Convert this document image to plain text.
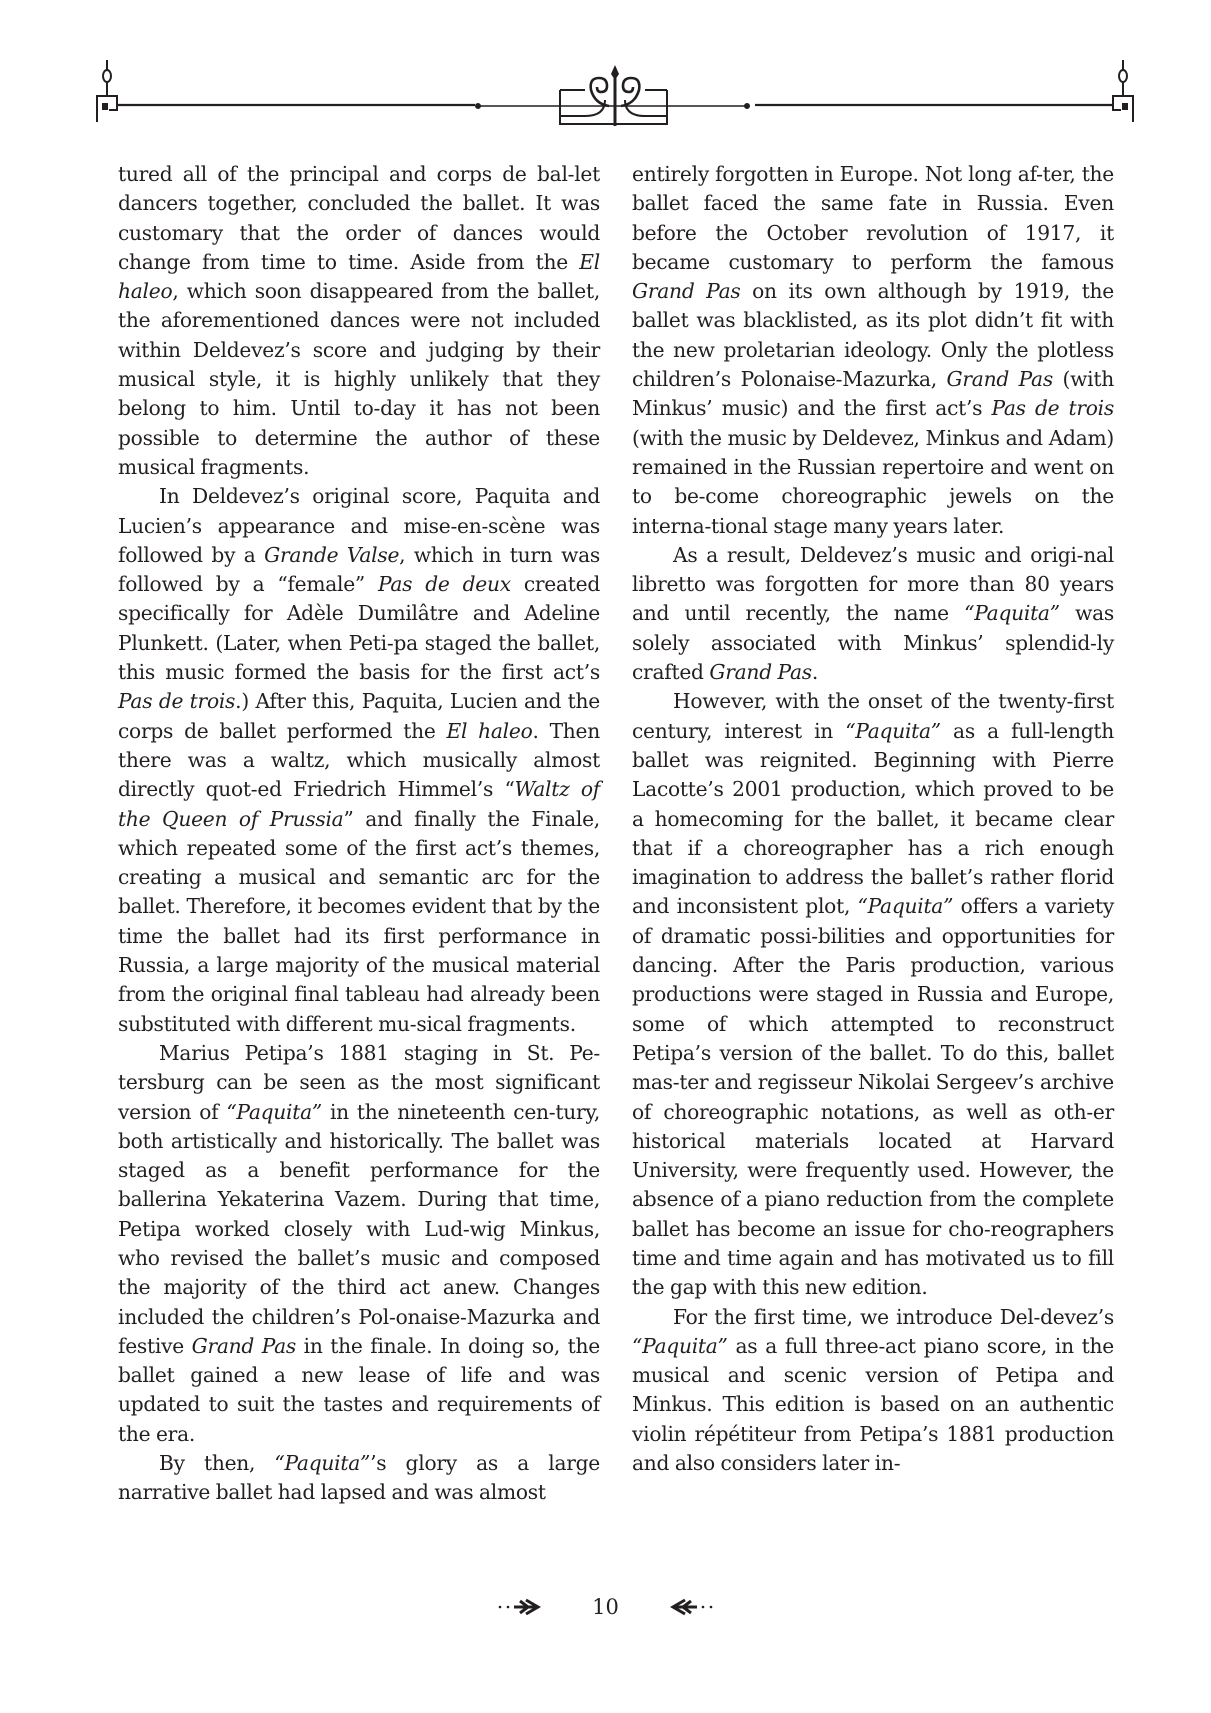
tured all of the principal and corps de bal-let dancers together, concluded the ballet. It was customary that the order of dances would change from time to time. Aside from the El haleo, which soon disappeared from the ballet, the aforementioned dances were not included within Deldevez’s score and judging by their musical style, it is highly unlikely that they belong to him. Until to-day it has not been possible to determine the author of these musical fragments.

In Deldevez’s original score, Paquita and Lucien’s appearance and mise-en-scène was followed by a Grande Valse, which in turn was followed by a “female” Pas de deux created specifically for Adèle Dumilâtre and Adeline Plunkett. (Later, when Peti-pa staged the ballet, this music formed the basis for the first act’s Pas de trois.) After this, Paquita, Lucien and the corps de ballet performed the El haleo. Then there was a waltz, which musically almost directly quot-ed Friedrich Himmel’s “Waltz of the Queen of Prussia” and finally the Finale, which repeated some of the first act’s themes, creating a musical and semantic arc for the ballet. Therefore, it becomes evident that by the time the ballet had its first performance in Russia, a large majority of the musical material from the original final tableau had already been substituted with different mu-sical fragments.

Marius Petipa’s 1881 staging in St. Pe-tersburg can be seen as the most significant version of “Paquita” in the nineteenth cen-tury, both artistically and historically. The ballet was staged as a benefit performance for the ballerina Yekaterina Vazem. During that time, Petipa worked closely with Lud-wig Minkus, who revised the ballet’s music and composed the majority of the third act anew. Changes included the children’s Pol-onaise-Mazurka and festive Grand Pas in the finale. In doing so, the ballet gained a new lease of life and was updated to suit the tastes and requirements of the era.

By then, “Paquita”’s glory as a large narrative ballet had lapsed and was almost

entirely forgotten in Europe. Not long af-ter, the ballet faced the same fate in Russia. Even before the October revolution of 1917, it became customary to perform the famous Grand Pas on its own although by 1919, the ballet was blacklisted, as its plot didn’t fit with the new proletarian ideology. Only the plotless children’s Polonaise-Mazurka, Grand Pas (with Minkus’ music) and the first act’s Pas de trois (with the music by Deldevez, Minkus and Adam) remained in the Russian repertoire and went on to be-come choreographic jewels on the interna-tional stage many years later.

As a result, Deldevez’s music and origi-nal libretto was forgotten for more than 80 years and until recently, the name “Paquita” was solely associated with Minkus’ splendid-ly crafted Grand Pas.

However, with the onset of the twenty-first century, interest in “Paquita” as a full-length ballet was reignited. Beginning with Pierre Lacotte’s 2001 production, which proved to be a homecoming for the ballet, it became clear that if a choreographer has a rich enough imagination to address the ballet’s rather florid and inconsistent plot, “Paquita” offers a variety of dramatic possi-bilities and opportunities for dancing. After the Paris production, various productions were staged in Russia and Europe, some of which attempted to reconstruct Petipa’s version of the ballet. To do this, ballet mas-ter and regisseur Nikolai Sergeev’s archive of choreographic notations, as well as oth-er historical materials located at Harvard University, were frequently used. However, the absence of a piano reduction from the complete ballet has become an issue for cho-reographers time and time again and has motivated us to fill the gap with this new edition.

For the first time, we introduce Del-devez’s “Paquita” as a full three-act piano score, in the musical and scenic version of Petipa and Minkus. This edition is based on an authentic violin répétiteur from Petipa’s 1881 production and also considers later in-

10
